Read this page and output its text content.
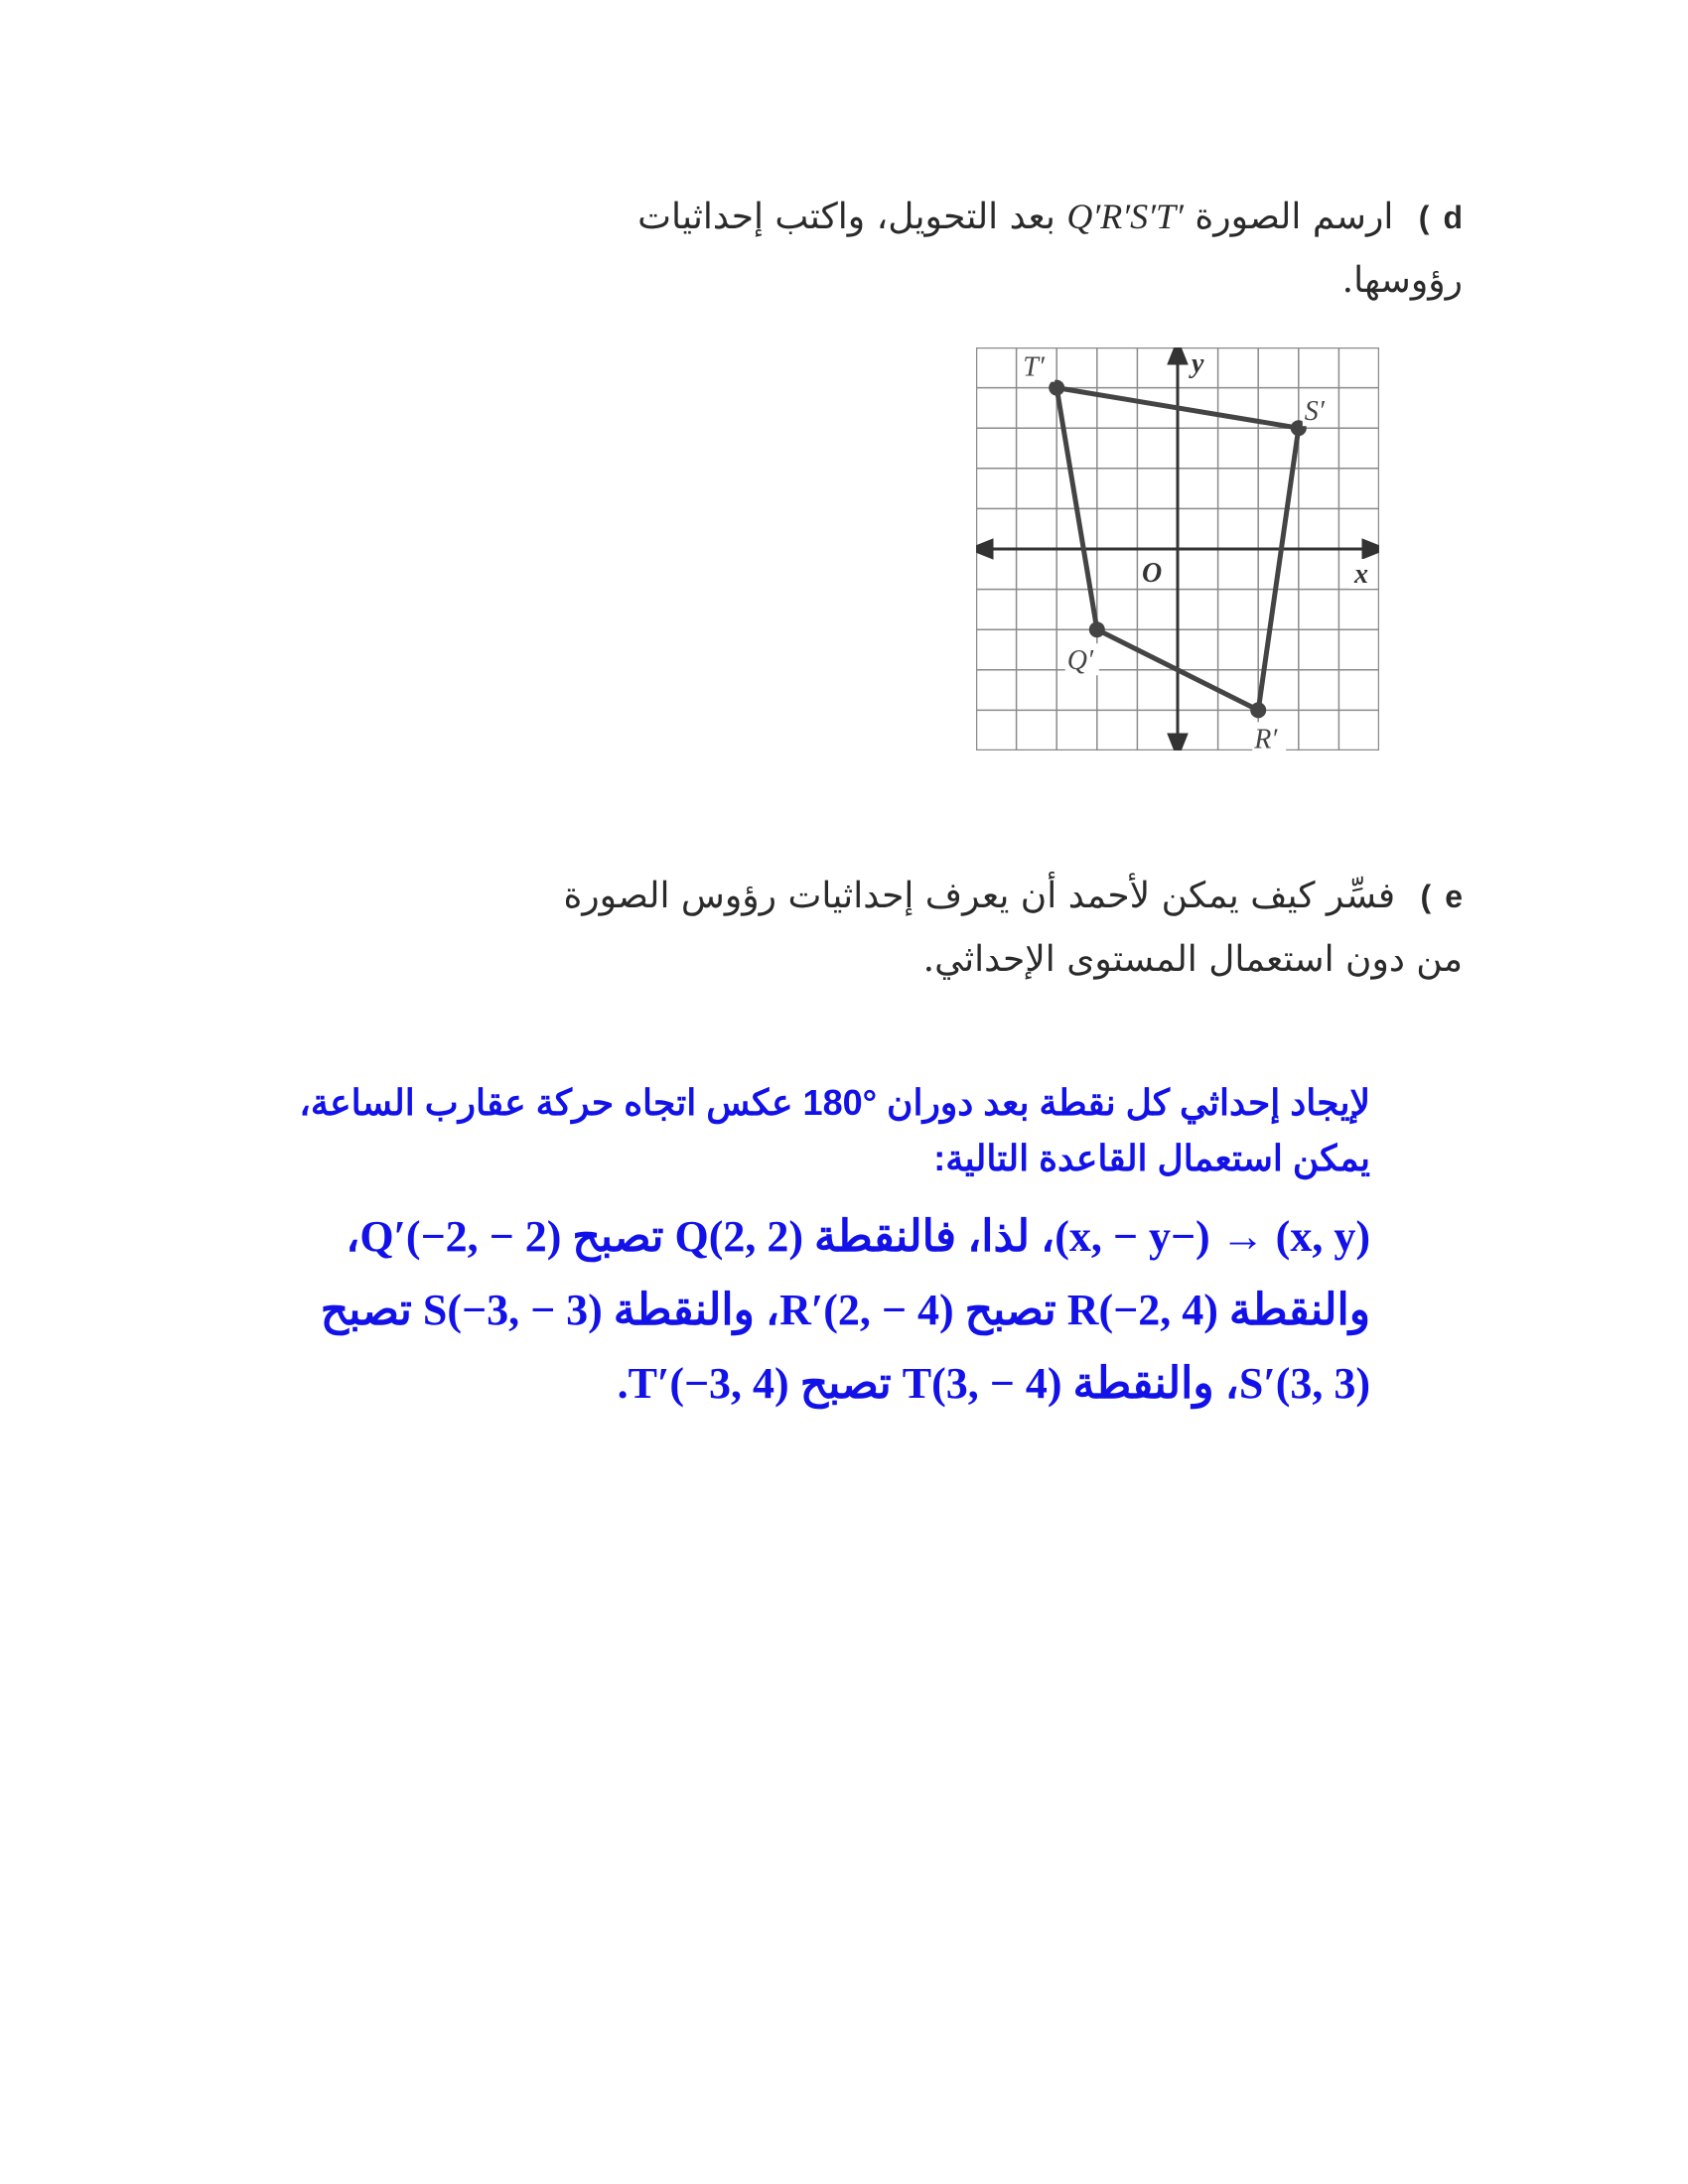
d) ارسم الصورة Q′R′S′T′ بعد التحويل، واكتب إحداثيات
رؤوسها.
x
y
O
T′
S′
R′
Q′
e) فسِّر كيف يمكن لأحمد أن يعرف إحداثيات رؤوس الصورة
من دون استعمال المستوى الإحداثي.
لإيجاد إحداثي كل نقطة بعد دوران °180 عكس اتجاه حركة عقارب الساعة،
يمكن استعمال القاعدة التالية:
(x, y) → (−x, − y)، لذا، فالنقطة Q(2, 2) تصبح Q′(−2, − 2)،
والنقطة R(−2, 4) تصبح R′(2, − 4)، والنقطة S(−3, − 3) تصبح
S′(3, 3)، والنقطة T(3, − 4) تصبح T′(−3, 4).
